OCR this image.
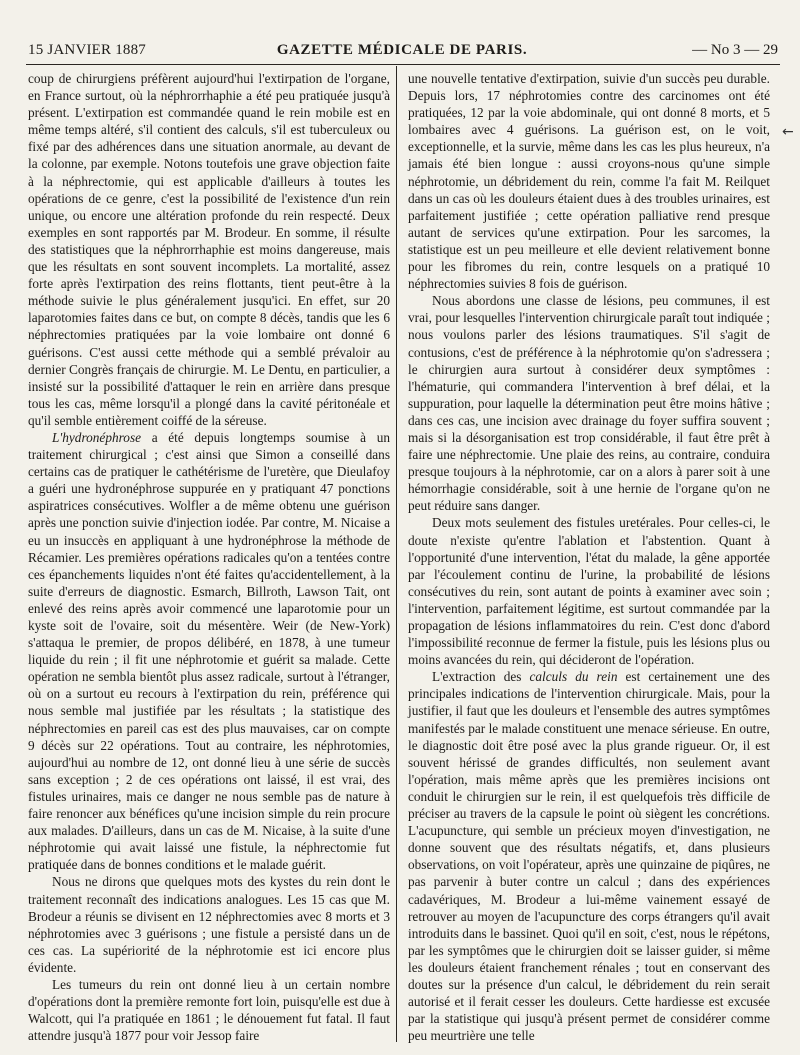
15 JANVIER 1887	GAZETTE MÉDICALE DE PARIS.	— Nᴏ 3 — 29

coup de chirurgiens préfèrent aujourd'hui l'extirpation de l'organe, en France surtout, où la néphrorrhaphie a été peu pratiquée jusqu'à présent. L'extirpation est commandée quand le rein mobile est en même temps altéré, s'il contient des calculs, s'il est tuberculeux ou fixé par des adhérences dans une situation anormale, au devant de la colonne, par exemple. Notons toutefois une grave objection faite à la néphrectomie, qui est applicable d'ailleurs à toutes les opérations de ce genre, c'est la possibilité de l'existence d'un rein unique, ou encore une altération profonde du rein respecté. Deux exemples en sont rapportés par M. Brodeur. En somme, il résulte des statistiques que la néphrorrhaphie est moins dangereuse, mais que les résultats en sont souvent incomplets. La mortalité, assez forte après l'extirpation des reins flottants, tient peut-être à la méthode suivie le plus généralement jusqu'ici. En effet, sur 20 laparotomies faites dans ce but, on compte 8 décès, tandis que les 6 néphrectomies pratiquées par la voie lombaire ont donné 6 guérisons. C'est aussi cette méthode qui a semblé prévaloir au dernier Congrès français de chirurgie. M. Le Dentu, en particulier, a insisté sur la possibilité d'attaquer le rein en arrière dans presque tous les cas, même lorsqu'il a plongé dans la cavité péritonéale et qu'il semble entièrement coiffé de la séreuse.

L'hydronéphrose a été depuis longtemps soumise à un traitement chirurgical ; c'est ainsi que Simon a conseillé dans certains cas de pratiquer le cathétérisme de l'uretère, que Dieulafoy a guéri une hydronéphrose suppurée en y pratiquant 47 ponctions aspiratrices consécutives. Wolfler a de même obtenu une guérison après une ponction suivie d'injection iodée. Par contre, M. Nicaise a eu un insuccès en appliquant à une hydronéphrose la méthode de Récamier. Les premières opérations radicales qu'on a tentées contre ces épanchements liquides n'ont été faites qu'accidentellement, à la suite d'erreurs de diagnostic. Esmarch, Billroth, Lawson Tait, ont enlevé des reins après avoir commencé une laparotomie pour un kyste soit de l'ovaire, soit du mésentère. Weir (de New-York) s'attaqua le premier, de propos délibéré, en 1878, à une tumeur liquide du rein ; il fit une néphrotomie et guérit sa malade. Cette opération ne sembla bientôt plus assez radicale, surtout à l'étranger, où on a surtout eu recours à l'extirpation du rein, préférence qui nous semble mal justifiée par les résultats ; la statistique des néphrectomies en pareil cas est des plus mauvaises, car on compte 9 décès sur 22 opérations. Tout au contraire, les néphrotomies, aujourd'hui au nombre de 12, ont donné lieu à une série de succès sans exception ; 2 de ces opérations ont laissé, il est vrai, des fistules urinaires, mais ce danger ne nous semble pas de nature à faire renoncer aux bénéfices qu'une incision simple du rein procure aux malades. D'ailleurs, dans un cas de M. Nicaise, à la suite d'une néphrotomie qui avait laissé une fistule, la néphrectomie fut pratiquée dans de bonnes conditions et le malade guérit.

Nous ne dirons que quelques mots des kystes du rein dont le traitement reconnaît des indications analogues. Les 15 cas que M. Brodeur a réunis se divisent en 12 néphrectomies avec 8 morts et 3 néphrotomies avec 3 guérisons ; une fistule a persisté dans un de ces cas. La supériorité de la néphrotomie est ici encore plus évidente.

Les tumeurs du rein ont donné lieu à un certain nombre d'opérations dont la première remonte fort loin, puisqu'elle est due à Walcott, qui l'a pratiquée en 1861 ; le dénouement fut fatal. Il faut attendre jusqu'à 1877 pour voir Jessop faire

une nouvelle tentative d'extirpation, suivie d'un succès peu durable. Depuis lors, 17 néphrotomies contre des carcinomes ont été pratiquées, 12 par la voie abdominale, qui ont donné 8 morts, et 5 lombaires avec 4 guérisons. La guérison est, on le voit, exceptionnelle, et la survie, même dans les cas les plus heureux, n'a jamais été bien longue : aussi croyons-nous qu'une simple néphrotomie, un débridement du rein, comme l'a fait M. Reilquet dans un cas où les douleurs étaient dues à des troubles urinaires, est parfaitement justifiée ; cette opération palliative rend presque autant de services qu'une extirpation. Pour les sarcomes, la statistique est un peu meilleure et elle devient relativement bonne pour les fibromes du rein, contre lesquels on a pratiqué 10 néphrectomies suivies 8 fois de guérison.

Nous abordons une classe de lésions, peu communes, il est vrai, pour lesquelles l'intervention chirurgicale paraît tout indiquée ; nous voulons parler des lésions traumatiques. S'il s'agit de contusions, c'est de préférence à la néphrotomie qu'on s'adressera ; le chirurgien aura surtout à considérer deux symptômes : l'hématurie, qui commandera l'intervention à bref délai, et la suppuration, pour laquelle la détermination peut être moins hâtive ; dans ces cas, une incision avec drainage du foyer suffira souvent ; mais si la désorganisation est trop considérable, il faut être prêt à faire une néphrectomie. Une plaie des reins, au contraire, conduira presque toujours à la néphrotomie, car on a alors à parer soit à une hémorrhagie considérable, soit à une hernie de l'organe qu'on ne peut réduire sans danger.

Deux mots seulement des fistules uretérales. Pour celles-ci, le doute n'existe qu'entre l'ablation et l'abstention. Quant à l'opportunité d'une intervention, l'état du malade, la gêne apportée par l'écoulement continu de l'urine, la probabilité de lésions consécutives du rein, sont autant de points à examiner avec soin ; l'intervention, parfaitement légitime, est surtout commandée par la propagation de lésions inflammatoires du rein. C'est donc d'abord l'impossibilité reconnue de fermer la fistule, puis les lésions plus ou moins avancées du rein, qui décideront de l'opération.

L'extraction des calculs du rein est certainement une des principales indications de l'intervention chirurgicale. Mais, pour la justifier, il faut que les douleurs et l'ensemble des autres symptômes manifestés par le malade constituent une menace sérieuse. En outre, le diagnostic doit être posé avec la plus grande rigueur. Or, il est souvent hérissé de grandes difficultés, non seulement avant l'opération, mais même après que les premières incisions ont conduit le chirurgien sur le rein, il est quelquefois très difficile de préciser au travers de la capsule le point où siègent les concrétions. L'acupuncture, qui semble un précieux moyen d'investigation, ne donne souvent que des résultats négatifs, et, dans plusieurs observations, on voit l'opérateur, après une quinzaine de piqûres, ne pas parvenir à buter contre un calcul ; dans des expériences cadavériques, M. Brodeur a lui-même vainement essayé de retrouver au moyen de l'acupuncture des corps étrangers qu'il avait introduits dans le bassinet. Quoi qu'il en soit, c'est, nous le répétons, par les symptômes que le chirurgien doit se laisser guider, si même les douleurs étaient franchement rénales ; tout en conservant des doutes sur la présence d'un calcul, le débridement du rein serait autorisé et il ferait cesser les douleurs. Cette hardiesse est excusée par la statistique qui jusqu'à présent permet de considérer comme peu meurtrière une telle

←
